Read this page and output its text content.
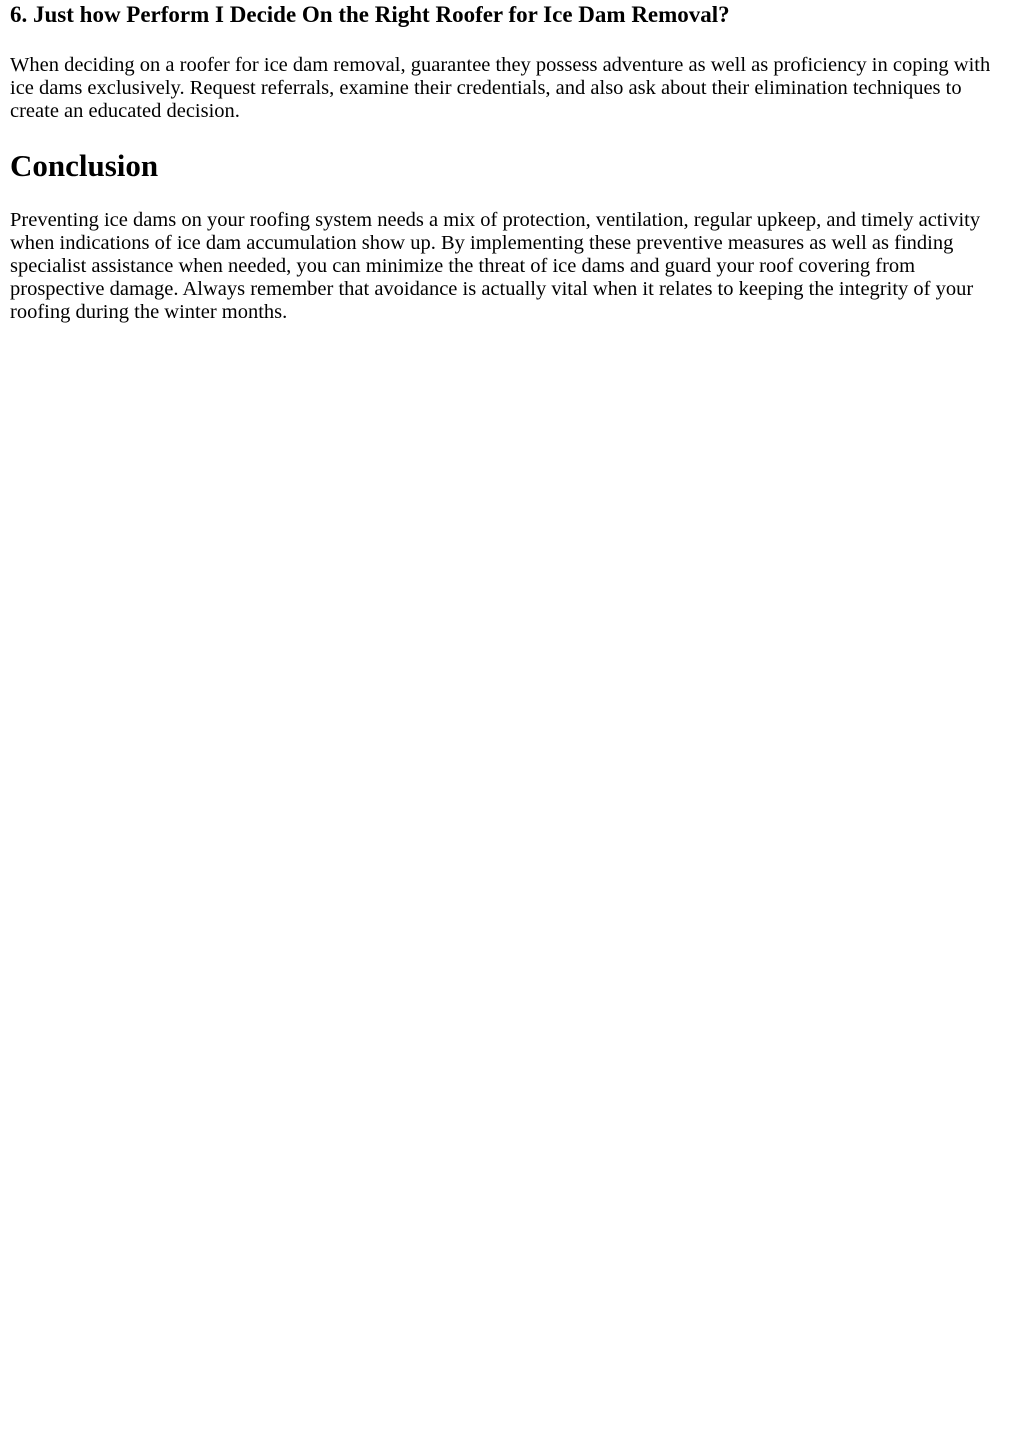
6. Just how Perform I Decide On the Right Roofer for Ice Dam Removal?

When deciding on a roofer for ice dam removal, guarantee they possess adventure as well as proficiency in coping with ice dams exclusively. Request referrals, examine their credentials, and also ask about their elimination techniques to create an educated decision.

Conclusion

Preventing ice dams on your roofing system needs a mix of protection, ventilation, regular upkeep, and timely activity when indications of ice dam accumulation show up. By implementing these preventive measures as well as finding specialist assistance when needed, you can minimize the threat of ice dams and guard your roof covering from prospective damage. Always remember that avoidance is actually vital when it relates to keeping the integrity of your roofing during the winter months.
